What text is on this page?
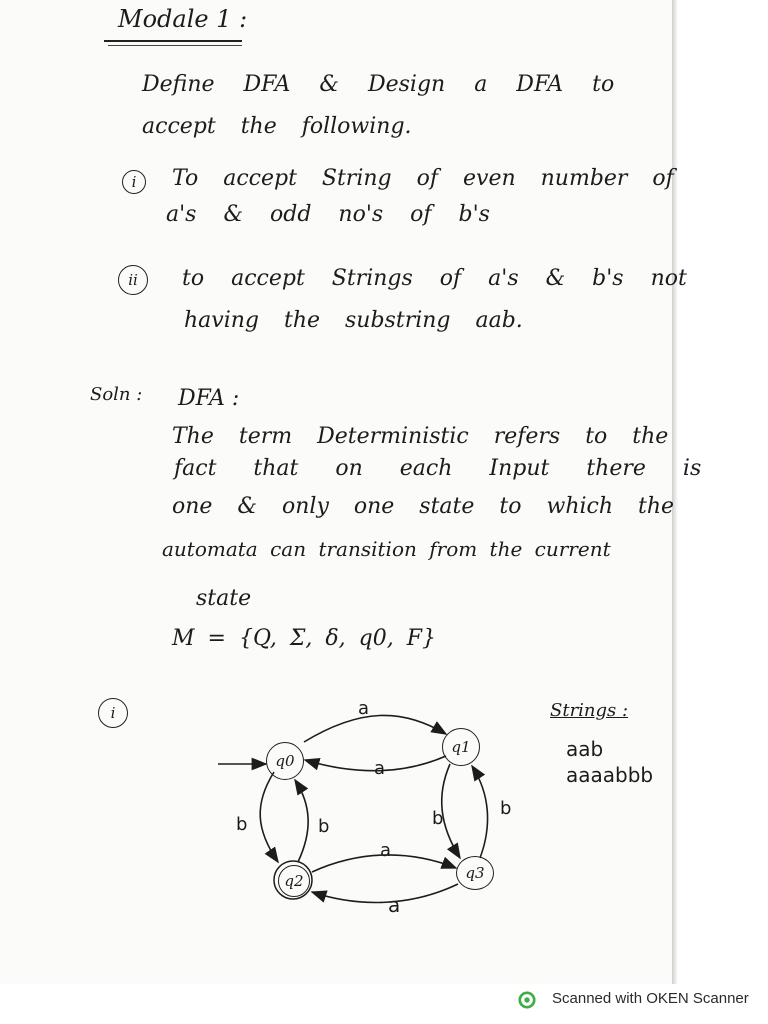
Modale 1 :

Define DFA & Design a DFA to

accept the following.

i To accept String of even number of

a's & odd no's of b's

ii to accept Strings of a's & b's not

having the substring aab.

Soln : DFA :

The term Deterministic refers to the

fact that on each Input there is

one & only one state to which the

automata can transition from the current

state

M = {Q, Σ, δ, q0, F}

i
q0
q1
q2	q3

a

a

b	b	b	b

a

a

Strings :

aab

aaaabbb

Scanned with OKEN Scanner
